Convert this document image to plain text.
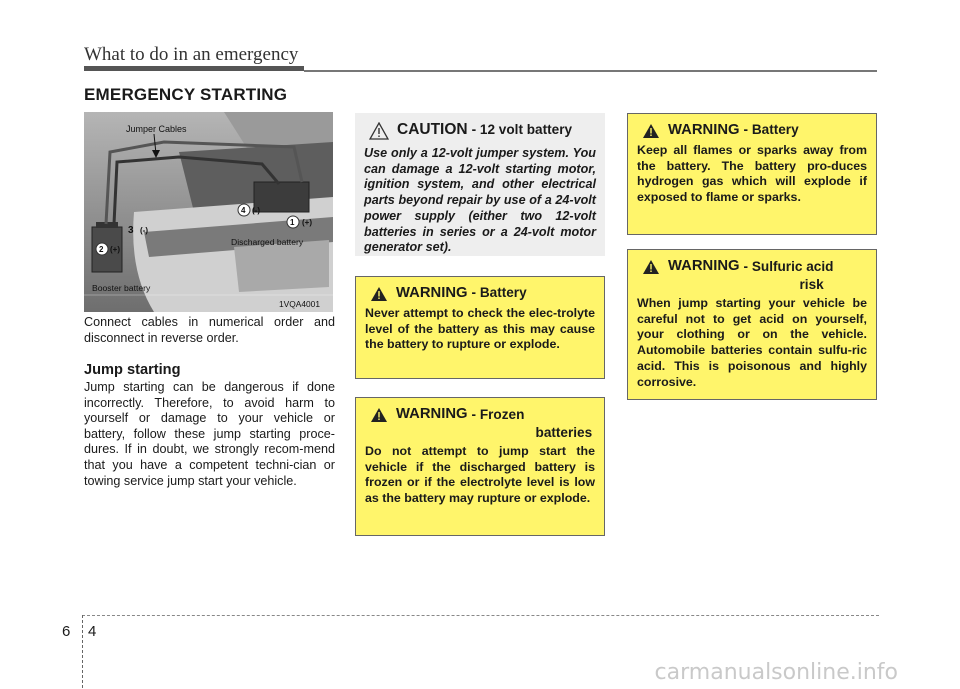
What to do in an emergency
EMERGENCY STARTING
Jumper Cables
Discharged battery
Booster battery
1VQA4001
4 (-)
1 (+)
3 (-)
2 (+)
Connect cables in numerical order and disconnect in reverse order.
Jump starting
Jump starting can be dangerous if done incorrectly. Therefore, to avoid harm to yourself or damage to your vehicle or battery, follow these jump starting proce-dures. If in doubt, we strongly recom-mend that you have a competent techni-cian or towing service jump start your vehicle.
CAUTION - 12 volt battery
Use only a 12-volt jumper system. You can damage a 12-volt starting motor, ignition system, and other electrical parts beyond repair by use of a 24-volt power supply (either two 12-volt batteries in series or a 24-volt motor generator set).
WARNING - Battery
Never attempt to check the elec-trolyte level of the battery as this may cause the battery to rupture or explode.
WARNING - Frozen
batteries
Do not attempt to jump start the vehicle if the discharged battery is frozen or if the electrolyte level is low as the battery may rupture or explode.
WARNING - Battery
Keep all flames or sparks away from the battery. The battery pro-duces hydrogen gas which will explode if exposed to flame or sparks.
WARNING - Sulfuric acid
risk
When jump starting your vehicle be careful not to get acid on yourself, your clothing or on the vehicle. Automobile batteries contain sulfu-ric acid. This is poisonous and highly corrosive.
6 4
carmanualsonline.info
